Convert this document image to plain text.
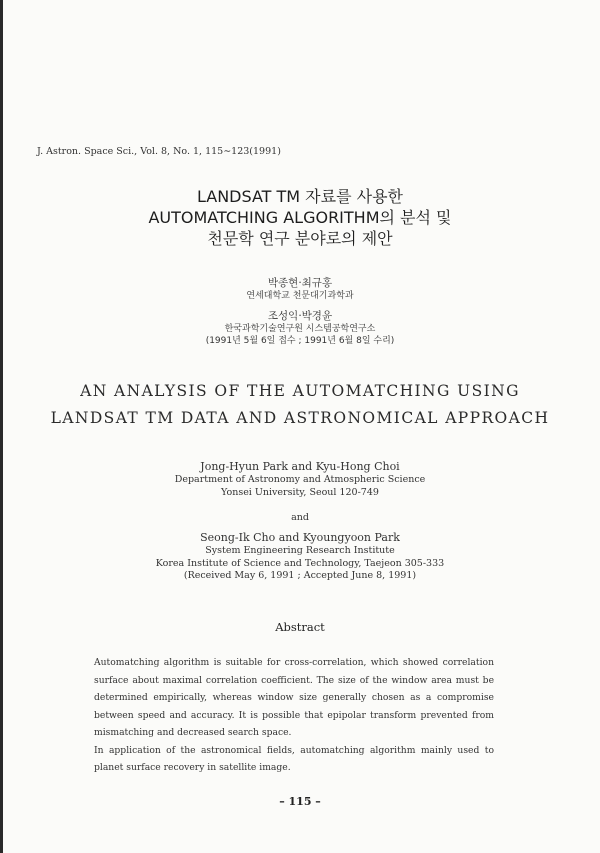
J. Astron. Space Sci., Vol. 8, No. 1, 115∼123(1991)
LANDSAT TM 자료를 사용한
AUTOMATCHING ALGORITHM의 분석 및
천문학 연구 분야로의 제안
박종현·최규홍
연세대학교 천문대기과학과
조성익·박경윤
한국과학기술연구원 시스템공학연구소
(1991년 5월 6일 접수 ; 1991년 6월 8일 수리)
AN ANALYSIS OF THE AUTOMATCHING USING
LANDSAT TM DATA AND ASTRONOMICAL APPROACH
Jong-Hyun Park and Kyu-Hong Choi
Department of Astronomy and Atmospheric Science
Yonsei University, Seoul 120-749
and
Seong-Ik Cho and Kyoungyoon Park
System Engineering Research Institute
Korea Institute of Science and Technology, Taejeon 305-333
(Received May 6, 1991 ; Accepted June 8, 1991)
Abstract

Automatching algorithm is suitable for cross-correlation, which showed correlation surface about maximal correlation coefficient. The size of the window area must be determined empirically, whereas window size generally chosen as a compromise between speed and accuracy. It is possible that epipolar transform prevented from mismatching and decreased search space.

In application of the astronomical fields, automatching algorithm mainly used to planet surface recovery in satellite image.

– 115 –
